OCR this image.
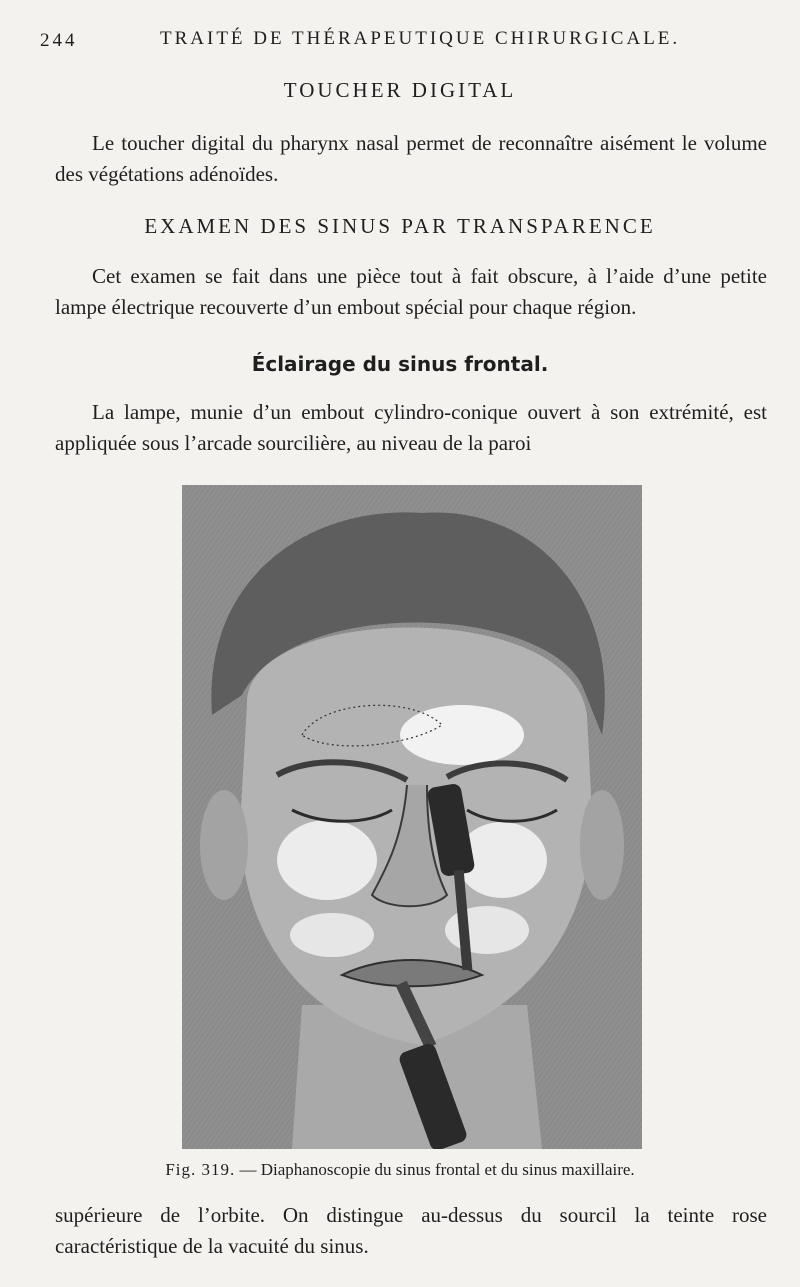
244	TRAITÉ DE THÉRAPEUTIQUE CHIRURGICALE.
TOUCHER DIGITAL

Le toucher digital du pharynx nasal permet de reconnaître aisément le volume des végétations adénoïdes.

EXAMEN DES SINUS PAR TRANSPARENCE

Cet examen se fait dans une pièce tout à fait obscure, à l’aide d’une petite lampe électrique recouverte d’un embout spécial pour chaque région.

Éclairage du sinus frontal.

La lampe, munie d’un embout cylindro-conique ouvert à son extrémité, est appliquée sous l’arcade sourcilière, au niveau de la paroi

Fig. 319. — Diaphanoscopie du sinus frontal et du sinus maxillaire.

supérieure de l’orbite. On distingue au-dessus du sourcil la teinte rose caractéristique de la vacuité du sinus.
